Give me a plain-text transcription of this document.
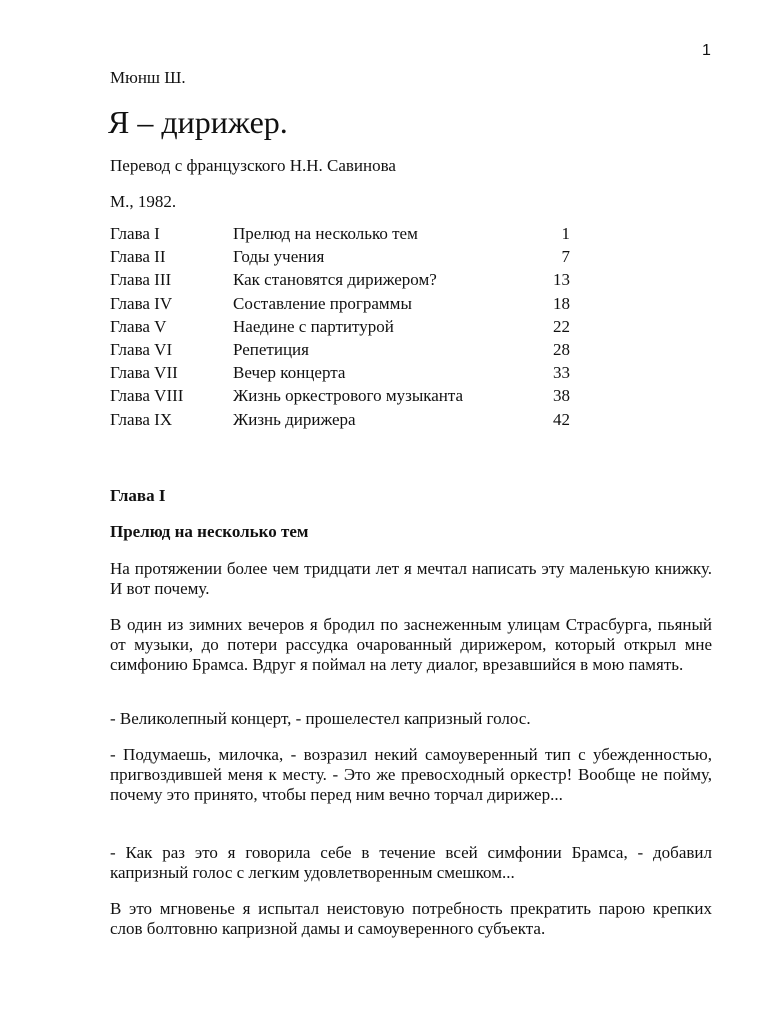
1
Мюнш Ш.
Я – дирижер.
Перевод с французского Н.Н. Савинова
М., 1982.
Глава I	Прелюд на несколько тем	1
Глава II	Годы учения	7
Глава III	Как становятся дирижером?	13
Глава IV	Составление программы	18
Глава V	Наедине с партитурой	22
Глава VI	Репетиция	28
Глава VII	Вечер концерта	33
Глава VIII	Жизнь оркестрового музыканта	38
Глава IX	Жизнь дирижера	42
Глава I
Прелюд на несколько тем

На протяжении более чем тридцати лет я мечтал написать эту маленькую книжку. И вот почему.

В один из зимних вечеров я бродил по заснеженным улицам Страсбурга, пьяный от музыки, до потери рассудка очарованный дирижером, который открыл мне симфонию Брамса. Вдруг я поймал на лету диалог, врезавшийся в мою память.

- Великолепный концерт, - прошелестел капризный голос.

- Подумаешь, милочка, - возразил некий самоуверенный тип с убежденностью, пригвоздившей меня к месту. - Это же превосходный оркестр! Вообще не пойму, почему это принято, чтобы перед ним вечно торчал дирижер...

- Как раз это я говорила себе в течение всей симфонии Брамса, - добавил капризный голос с легким удовлетворенным смешком...

В это мгновенье я испытал неистовую потребность прекратить парою крепких слов болтовню капризной дамы и самоуверенного субъекта.
